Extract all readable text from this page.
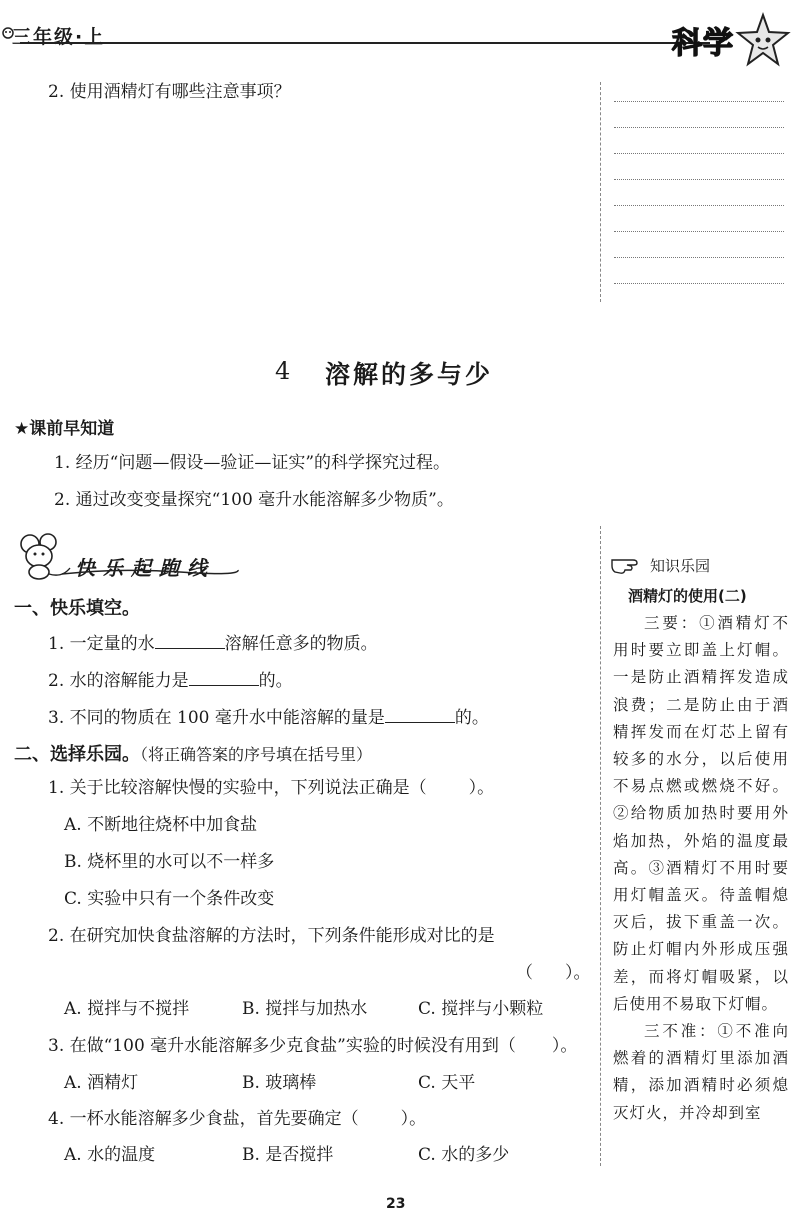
三年级·上	科学
2. 使用酒精灯有哪些注意事项？
4 溶解的多与少
★课前早知道
1. 经历“问题—假设—验证—证实”的科学探究过程。
2. 通过改变变量探究“100 毫升水能溶解多少物质”。
快乐起跑线
一、快乐填空。
1. 一定量的水	溶解任意多的物质。
2. 水的溶解能力是	的。
3. 不同的物质在 100 毫升水中能溶解的量是	的。
二、选择乐园。（将正确答案的序号填在括号里）
1. 关于比较溶解快慢的实验中，下列说法正确是（ ）。
A. 不断地往烧杯中加食盐
B. 烧杯里的水可以不一样多
C. 实验中只有一个条件改变
2. 在研究加快食盐溶解的方法时，下列条件能形成对比的是
（ ）。
A. 搅拌与不搅拌	B. 搅拌与加热水	C. 搅拌与小颗粒
3. 在做“100 毫升水能溶解多少克食盐”实验的时候没有用到（ ）。
A. 酒精灯	B. 玻璃棒	C. 天平
4. 一杯水能溶解多少食盐，首先要确定（ ）。
A. 水的温度	B. 是否搅拌	C. 水的多少
知识乐园
酒精灯的使用(二)

三要：①酒精灯不用时要立即盖上灯帽。一是防止酒精挥发造成浪费；二是防止由于酒精挥发而在灯芯上留有较多的水分，以后使用不易点燃或燃烧不好。②给物质加热时要用外焰加热，外焰的温度最高。③酒精灯不用时要用灯帽盖灭。待盖帽熄灭后，拔下重盖一次。防止灯帽内外形成压强差，而将灯帽吸紧，以后使用不易取下灯帽。

三不准：①不准向燃着的酒精灯里添加酒精，添加酒精时必须熄灭灯火，并冷却到室

23
